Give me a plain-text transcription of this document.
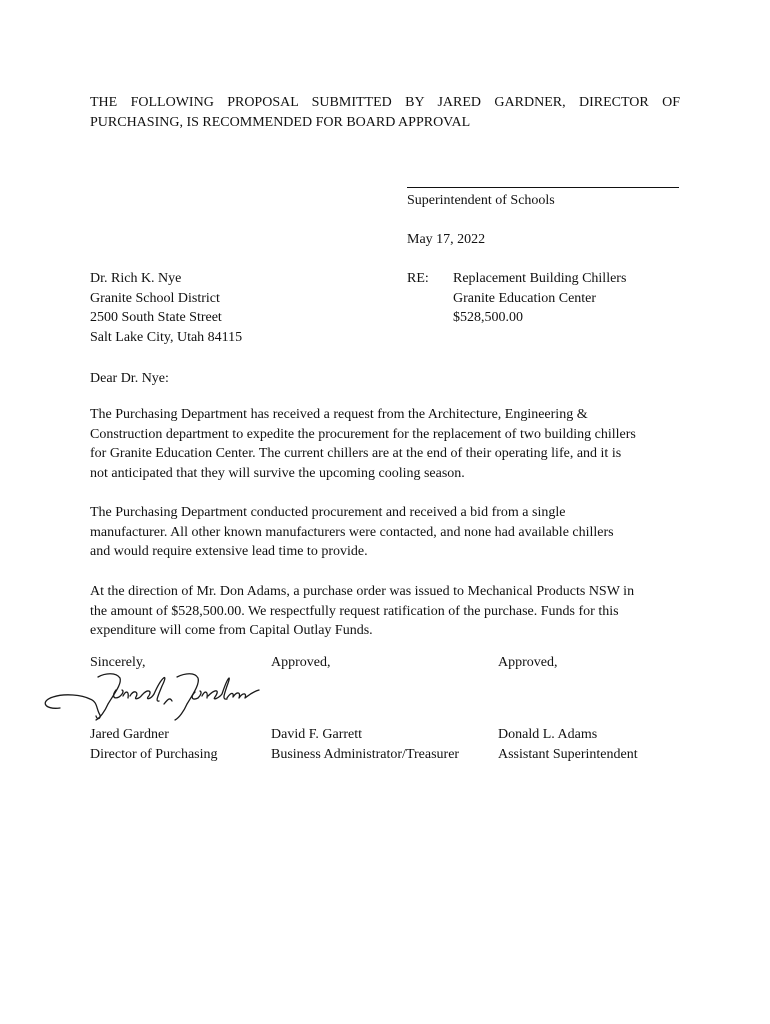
THE FOLLOWING PROPOSAL SUBMITTED BY JARED GARDNER, DIRECTOR OF
PURCHASING, IS RECOMMENDED FOR BOARD APPROVAL
Superintendent of Schools
May 17, 2022
Dr. Rich K. Nye
Granite School District
2500 South State Street
Salt Lake City, Utah 84115
RE: Replacement Building Chillers
Granite Education Center
$528,500.00
Dear Dr. Nye:
The Purchasing Department has received a request from the Architecture, Engineering &
Construction department to expedite the procurement for the replacement of two building chillers
for Granite Education Center. The current chillers are at the end of their operating life, and it is
not anticipated that they will survive the upcoming cooling season.
The Purchasing Department conducted procurement and received a bid from a single
manufacturer. All other known manufacturers were contacted, and none had available chillers
and would require extensive lead time to provide.
At the direction of Mr. Don Adams, a purchase order was issued to Mechanical Products NSW in
the amount of $528,500.00. We respectfully request ratification of the purchase. Funds for this
expenditure will come from Capital Outlay Funds.
Sincerely,	Approved,	Approved,
Jared Gardner
Director of Purchasing
David F. Garrett
Business Administrator/Treasurer
Donald L. Adams
Assistant Superintendent
